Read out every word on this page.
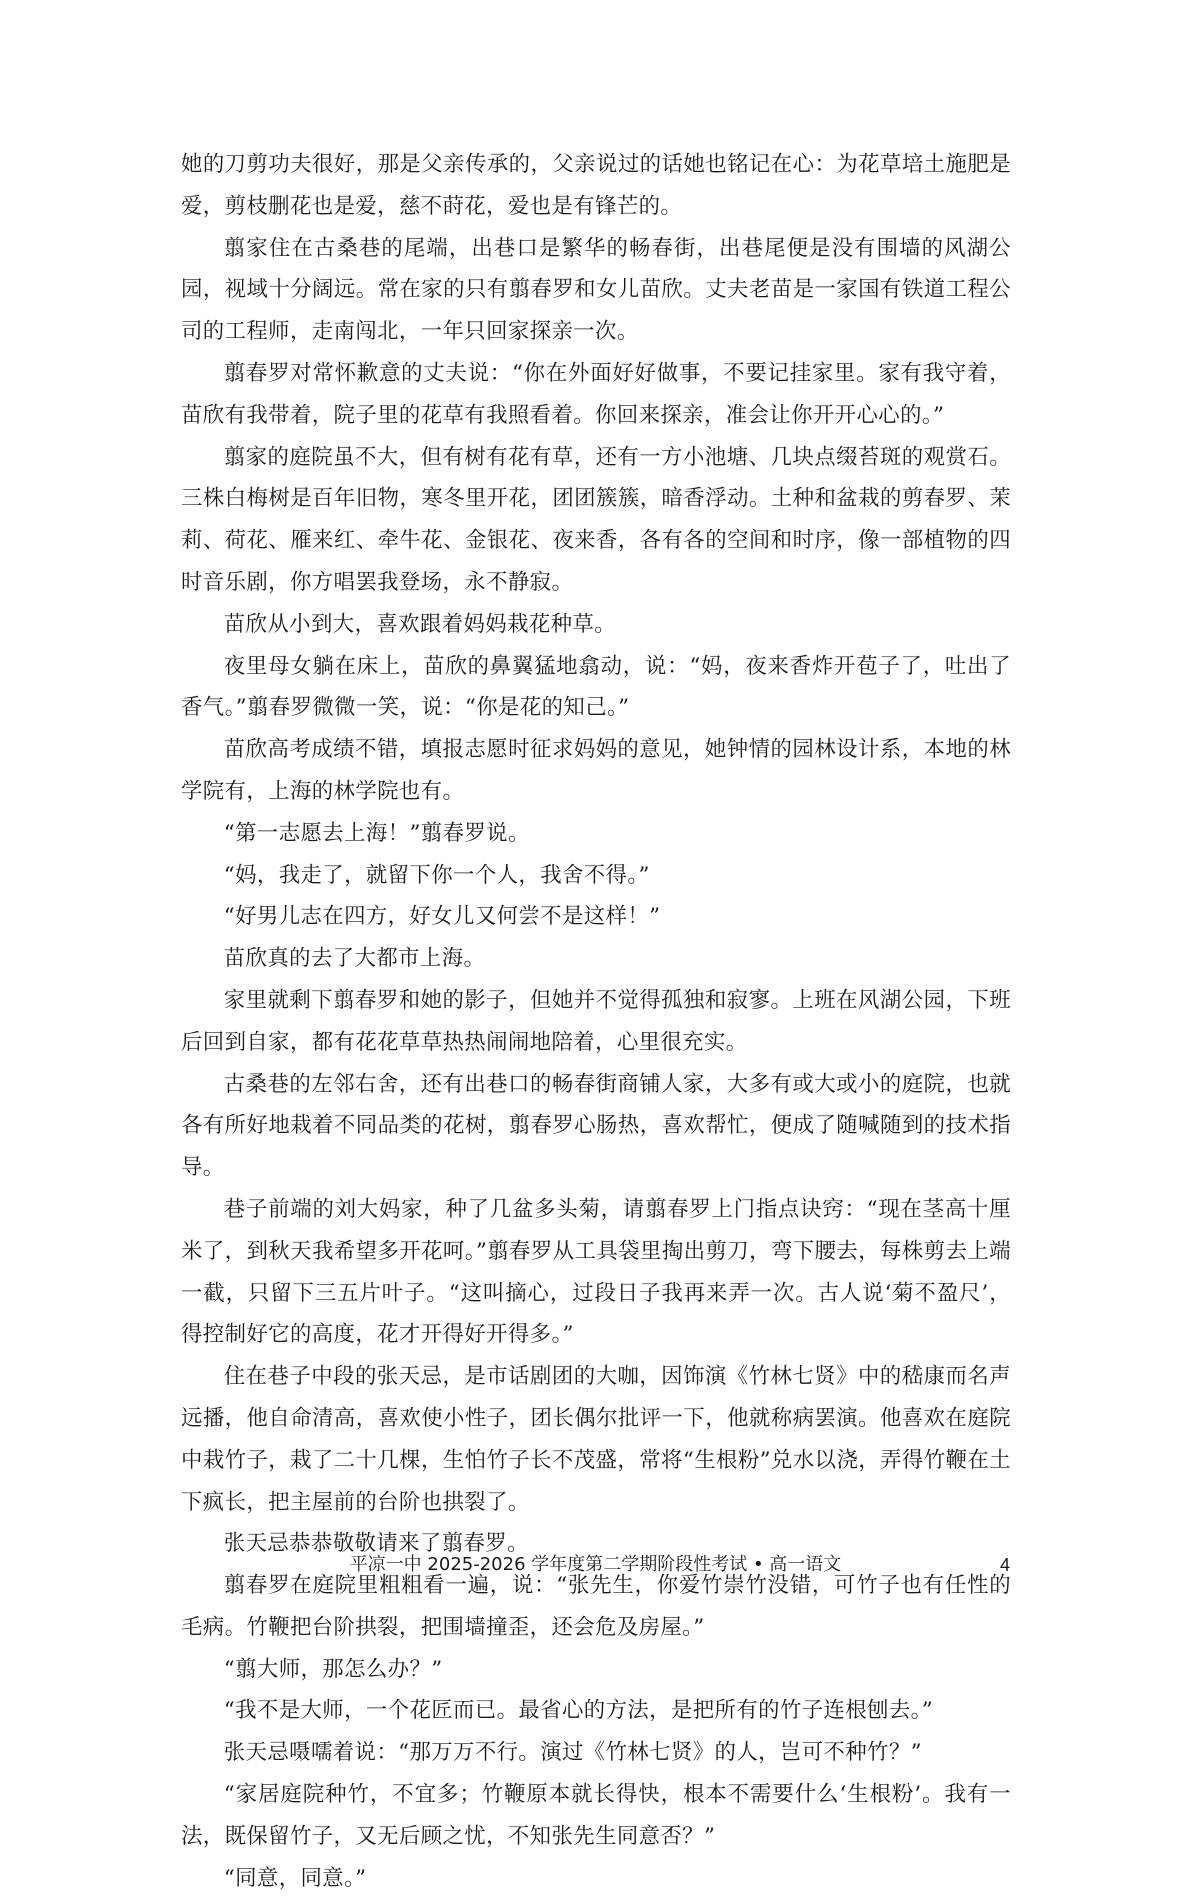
她的刀剪功夫很好，那是父亲传承的，父亲说过的话她也铭记在心：为花草培土施肥是爱，剪枝删花也是爱，慈不莳花，爱也是有锋芒的。

翦家住在古桑巷的尾端，出巷口是繁华的畅春街，出巷尾便是没有围墙的风湖公园，视域十分阔远。常在家的只有翦春罗和女儿苗欣。丈夫老苗是一家国有铁道工程公司的工程师，走南闯北，一年只回家探亲一次。

翦春罗对常怀歉意的丈夫说：“你在外面好好做事，不要记挂家里。家有我守着，苗欣有我带着，院子里的花草有我照看着。你回来探亲，准会让你开开心心的。”

翦家的庭院虽不大，但有树有花有草，还有一方小池塘、几块点缀苔斑的观赏石。三株白梅树是百年旧物，寒冬里开花，团团簇簇，暗香浮动。土种和盆栽的剪春罗、茉莉、荷花、雁来红、牵牛花、金银花、夜来香，各有各的空间和时序，像一部植物的四时音乐剧，你方唱罢我登场，永不静寂。

苗欣从小到大，喜欢跟着妈妈栽花种草。

夜里母女躺在床上，苗欣的鼻翼猛地翕动，说：“妈，夜来香炸开苞子了，吐出了香气。”翦春罗微微一笑，说：“你是花的知己。”

苗欣高考成绩不错，填报志愿时征求妈妈的意见，她钟情的园林设计系，本地的林学院有，上海的林学院也有。

“第一志愿去上海！”翦春罗说。

“妈，我走了，就留下你一个人，我舍不得。”

“好男儿志在四方，好女儿又何尝不是这样！”

苗欣真的去了大都市上海。

家里就剩下翦春罗和她的影子，但她并不觉得孤独和寂寥。上班在风湖公园，下班后回到自家，都有花花草草热热闹闹地陪着，心里很充实。

古桑巷的左邻右舍，还有出巷口的畅春街商铺人家，大多有或大或小的庭院，也就各有所好地栽着不同品类的花树，翦春罗心肠热，喜欢帮忙，便成了随喊随到的技术指导。

巷子前端的刘大妈家，种了几盆多头菊，请翦春罗上门指点诀窍：“现在茎高十厘米了，到秋天我希望多开花呵。”翦春罗从工具袋里掏出剪刀，弯下腰去，每株剪去上端一截，只留下三五片叶子。“这叫摘心，过段日子我再来弄一次。古人说‘菊不盈尺’，得控制好它的高度，花才开得好开得多。”

住在巷子中段的张天忌，是市话剧团的大咖，因饰演《竹林七贤》中的嵇康而名声远播，他自命清高，喜欢使小性子，团长偶尔批评一下，他就称病罢演。他喜欢在庭院中栽竹子，栽了二十几棵，生怕竹子长不茂盛，常将“生根粉”兑水以浇，弄得竹鞭在土下疯长，把主屋前的台阶也拱裂了。

张天忌恭恭敬敬请来了翦春罗。

翦春罗在庭院里粗粗看一遍，说：“张先生，你爱竹崇竹没错，可竹子也有任性的毛病。竹鞭把台阶拱裂，把围墙撞歪，还会危及房屋。”

“翦大师，那怎么办？”

“我不是大师，一个花匠而已。最省心的方法，是把所有的竹子连根刨去。”

张天忌嗫嚅着说：“那万万不行。演过《竹林七贤》的人，岂可不种竹？”

“家居庭院种竹，不宜多；竹鞭原本就长得快，根本不需要什么‘生根粉’。我有一法，既保留竹子，又无后顾之忧，不知张先生同意否？”

“同意，同意。”

平凉一中 2025-2026 学年度第二学期阶段性考试 • 高一语文	4
